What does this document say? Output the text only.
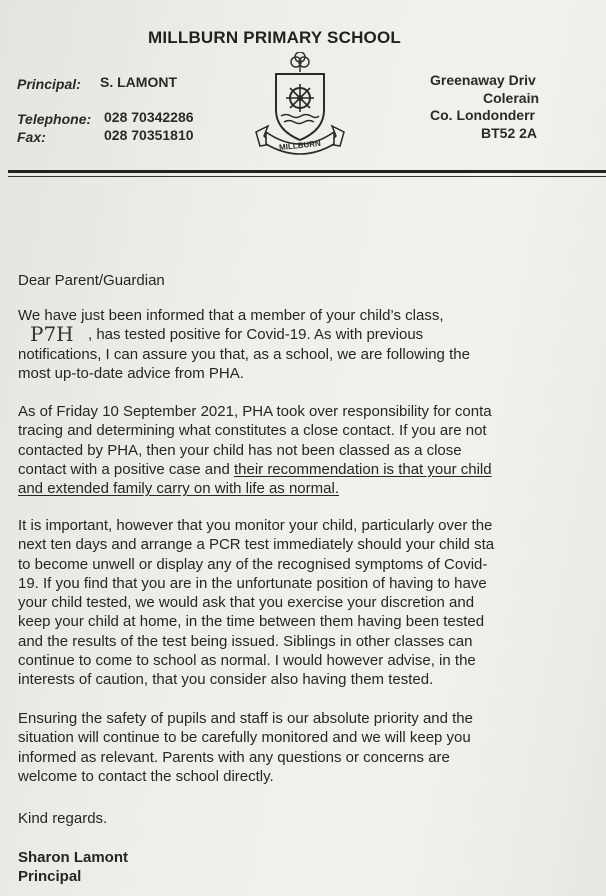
MILLBURN PRIMARY SCHOOL
Principal: S. LAMONT
Telephone: 028 70342286
Fax:	028 70351810
Greenaway Driv
Colerain
Co. Londonderr
BT52 2A
MILLBURN
Dear Parent/Guardian
We have just been informed that a member of your child’s class,
, has tested positive for Covid-19. As with previous
notifications, I can assure you that, as a school, we are following the
most up-to-date advice from PHA.
P7H
As of Friday 10 September 2021, PHA took over responsibility for conta
tracing and determining what constitutes a close contact. If you are not
contacted by PHA, then your child has not been classed as a close
contact with a positive case and their recommendation is that your child
and extended family carry on with life as normal.
It is important, however that you monitor your child, particularly over the
next ten days and arrange a PCR test immediately should your child sta
to become unwell or display any of the recognised symptoms of Covid-
19. If you find that you are in the unfortunate position of having to have
your child tested, we would ask that you exercise your discretion and
keep your child at home, in the time between them having been tested
and the results of the test being issued. Siblings in other classes can
continue to come to school as normal. I would however advise, in the
interests of caution, that you consider also having them tested.
Ensuring the safety of pupils and staff is our absolute priority and the
situation will continue to be carefully monitored and we will keep you
informed as relevant. Parents with any questions or concerns are
welcome to contact the school directly.
Kind regards.
Sharon Lamont
Principal
